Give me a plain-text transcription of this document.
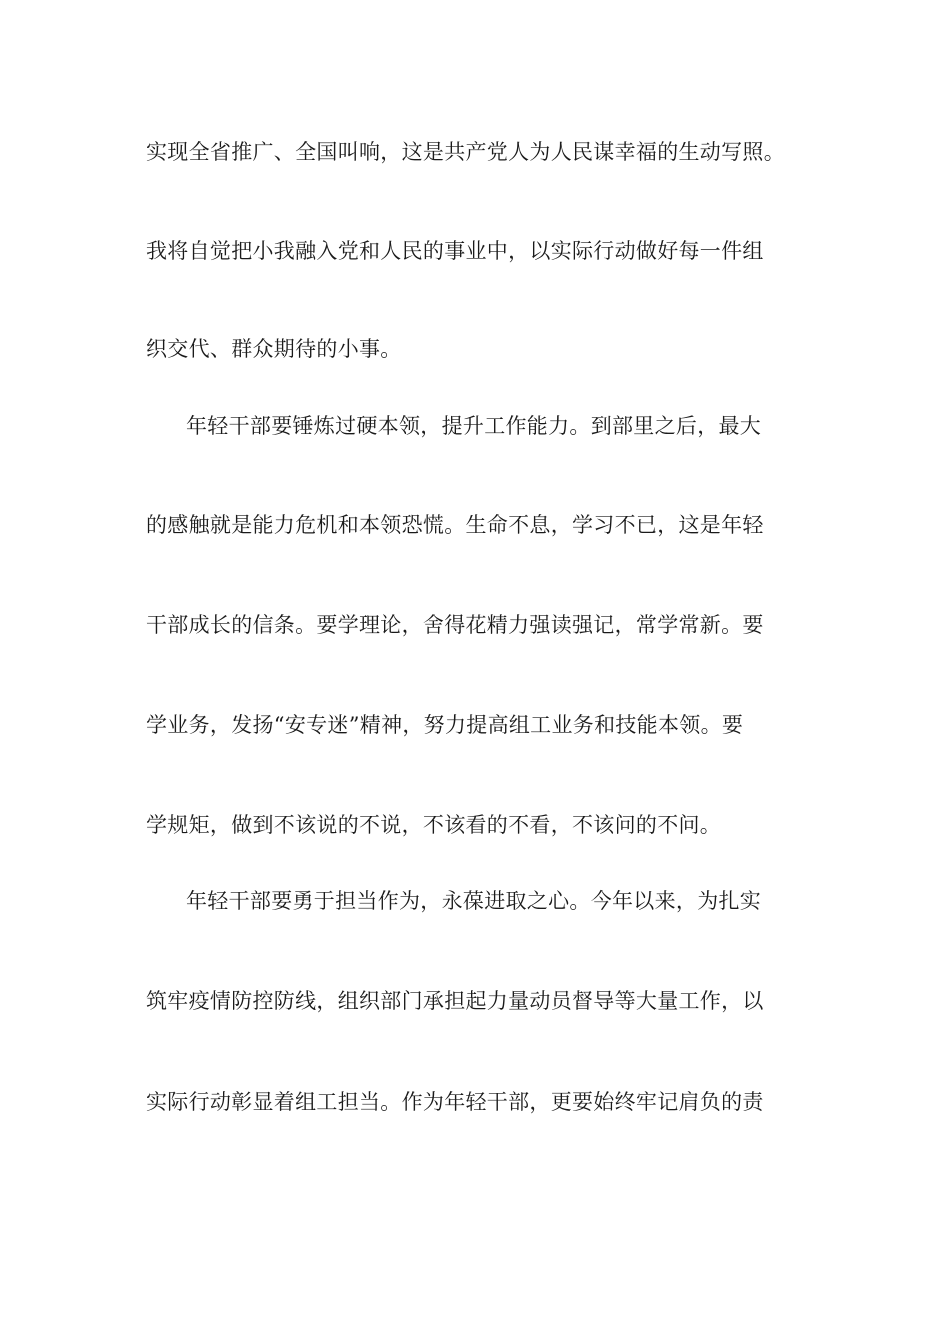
实现全省推广、全国叫响，这是共产党人为人民谋幸福的生动写照。
我将自觉把小我融入党和人民的事业中，以实际行动做好每一件组
织交代、群众期待的小事。
年轻干部要锤炼过硬本领，提升工作能力。到部里之后，最大
的感触就是能力危机和本领恐慌。生命不息，学习不已，这是年轻
干部成长的信条。要学理论，舍得花精力强读强记，常学常新。要
学业务，发扬“安专迷”精神，努力提高组工业务和技能本领。要
学规矩，做到不该说的不说，不该看的不看，不该问的不问。
年轻干部要勇于担当作为，永葆进取之心。今年以来，为扎实
筑牢疫情防控防线，组织部门承担起力量动员督导等大量工作，以
实际行动彰显着组工担当。作为年轻干部，更要始终牢记肩负的责
